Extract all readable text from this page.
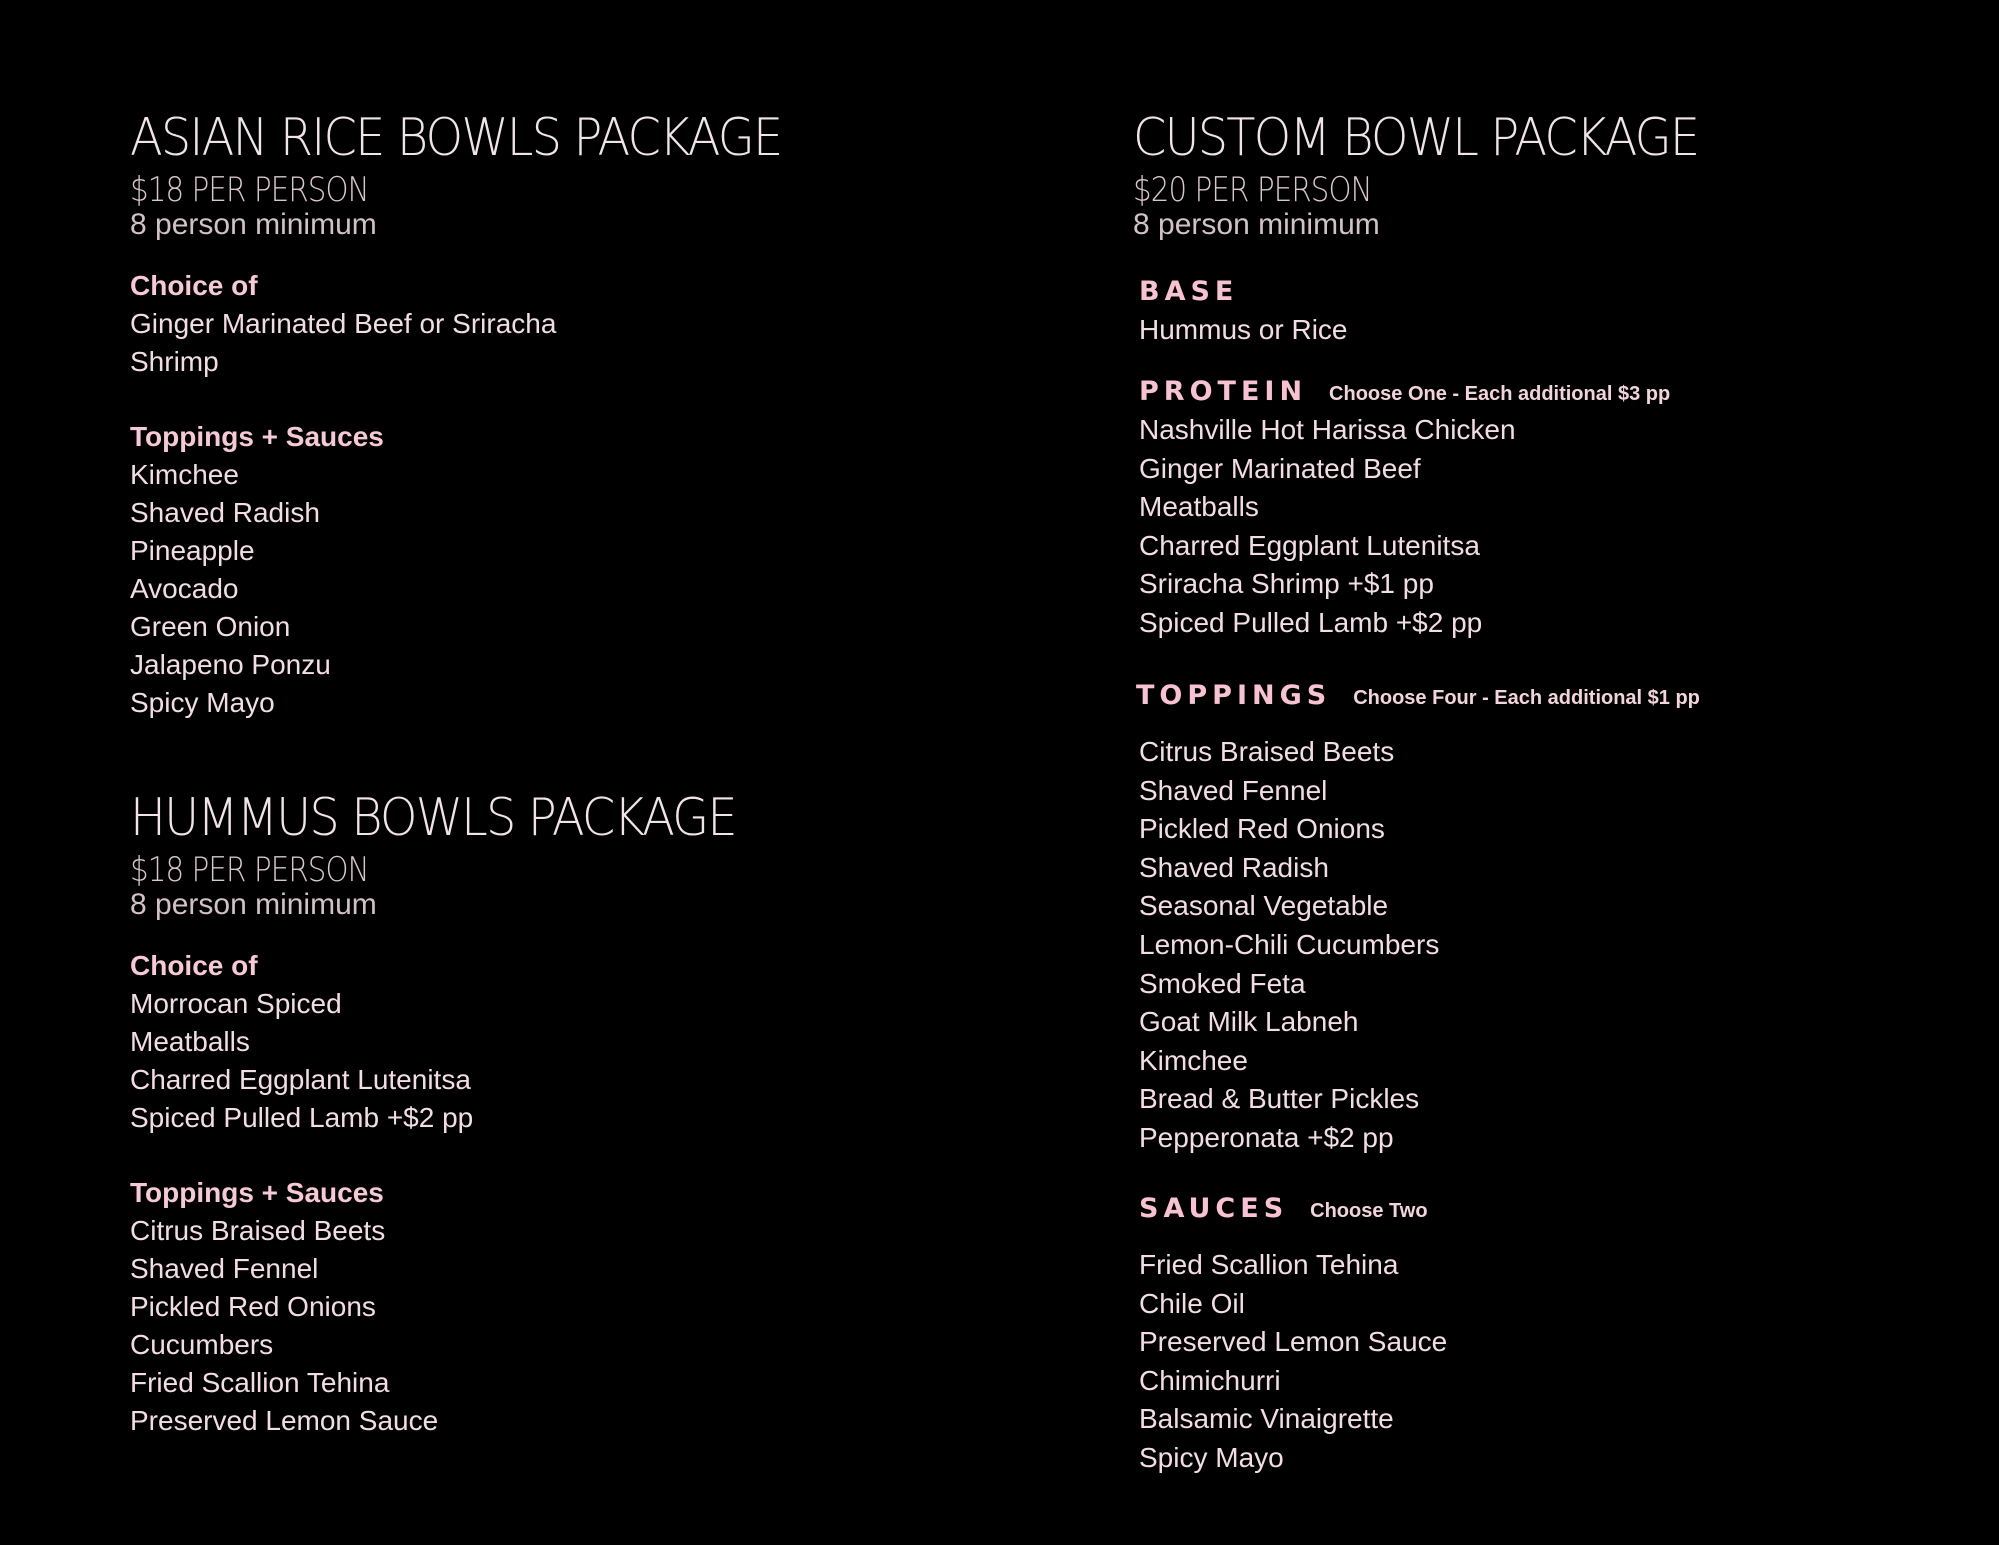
ASIAN RICE BOWLS PACKAGE
$18 PER PERSON
8 person minimum
Choice of
Ginger Marinated Beef or Sriracha
Shrimp
Toppings + Sauces
Kimchee
Shaved Radish
Pineapple
Avocado
Green Onion
Jalapeno Ponzu
Spicy Mayo
HUMMUS BOWLS PACKAGE
$18 PER PERSON
8 person minimum
Choice of
Morrocan Spiced
Meatballs
Charred Eggplant Lutenitsa
Spiced Pulled Lamb +$2 pp
Toppings + Sauces
Citrus Braised Beets
Shaved Fennel
Pickled Red Onions
Cucumbers
Fried Scallion Tehina
Preserved Lemon Sauce
CUSTOM BOWL PACKAGE
$20 PER PERSON
8 person minimum
BASE
Hummus or Rice
PROTEIN Choose One - Each additional $3 pp
Nashville Hot Harissa Chicken
Ginger Marinated Beef
Meatballs
Charred Eggplant Lutenitsa
Sriracha Shrimp +$1 pp
Spiced Pulled Lamb +$2 pp
TOPPINGS Choose Four - Each additional $1 pp
Citrus Braised Beets
Shaved Fennel
Pickled Red Onions
Shaved Radish
Seasonal Vegetable
Lemon-Chili Cucumbers
Smoked Feta
Goat Milk Labneh
Kimchee
Bread & Butter Pickles
Pepperonata +$2 pp
SAUCES Choose Two
Fried Scallion Tehina
Chile Oil
Preserved Lemon Sauce
Chimichurri
Balsamic Vinaigrette
Spicy Mayo
